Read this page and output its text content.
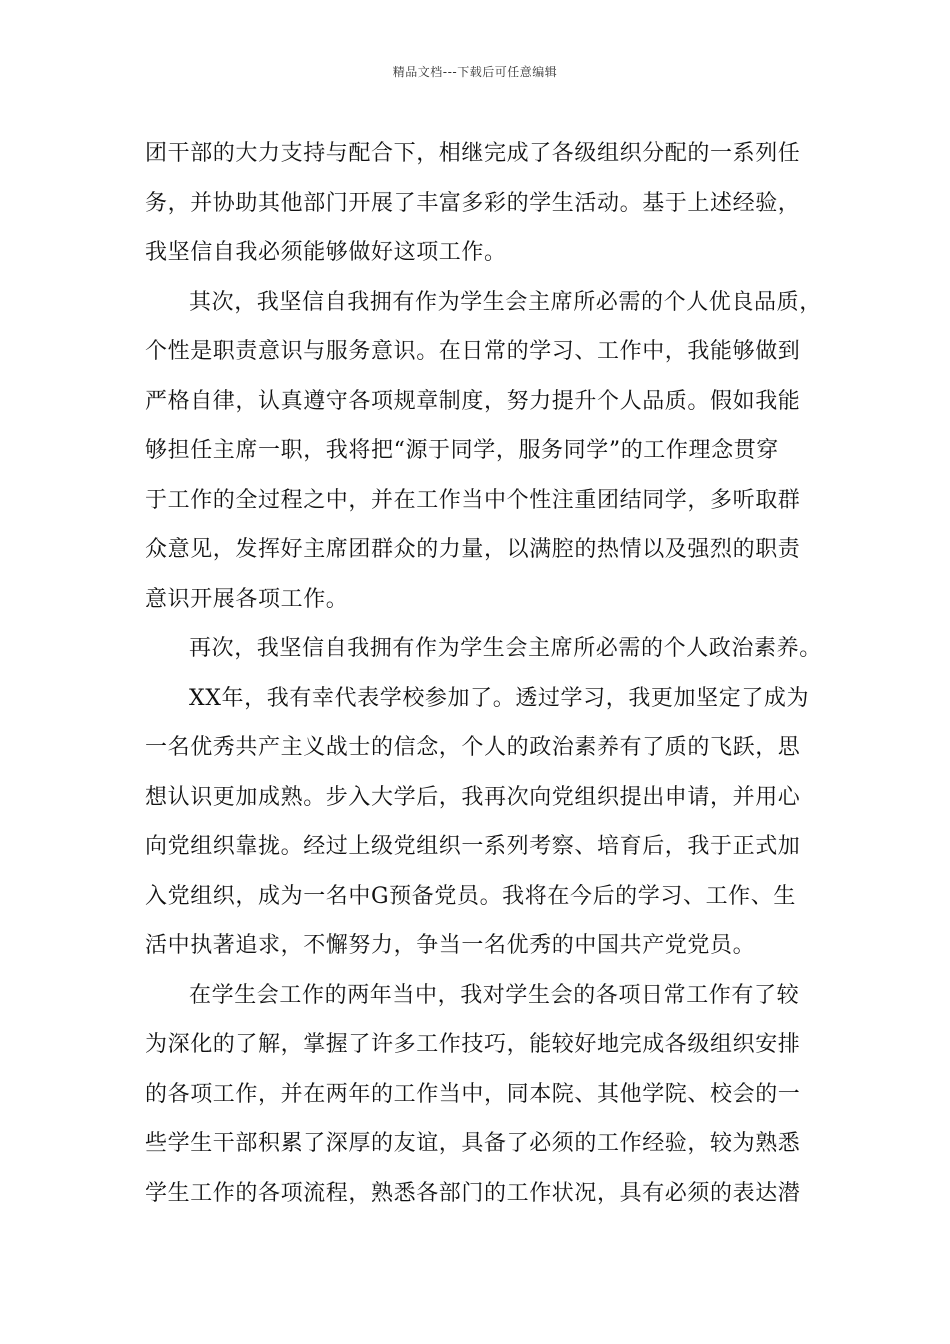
精品文档---下载后可任意编辑
团干部的大力支持与配合下，相继完成了各级组织分配的一系列任
务，并协助其他部门开展了丰富多彩的学生活动。基于上述经验，
我坚信自我必须能够做好这项工作。
其次，我坚信自我拥有作为学生会主席所必需的个人优良品质，
个性是职责意识与服务意识。在日常的学习、工作中，我能够做到
严格自律，认真遵守各项规章制度，努力提升个人品质。假如我能
够担任主席一职，我将把“源于同学，服务同学”的工作理念贯穿
于工作的全过程之中，并在工作当中个性注重团结同学，多听取群
众意见，发挥好主席团群众的力量，以满腔的热情以及强烈的职责
意识开展各项工作。
再次，我坚信自我拥有作为学生会主席所必需的个人政治素养。
XX年，我有幸代表学校参加了。透过学习，我更加坚定了成为
一名优秀共产主义战士的信念，个人的政治素养有了质的飞跃，思
想认识更加成熟。步入大学后，我再次向党组织提出申请，并用心
向党组织靠拢。经过上级党组织一系列考察、培育后，我于正式加
入党组织，成为一名中G预备党员。我将在今后的学习、工作、生
活中执著追求，不懈努力，争当一名优秀的中国共产党党员。
在学生会工作的两年当中，我对学生会的各项日常工作有了较
为深化的了解，掌握了许多工作技巧，能较好地完成各级组织安排
的各项工作，并在两年的工作当中，同本院、其他学院、校会的一
些学生干部积累了深厚的友谊，具备了必须的工作经验，较为熟悉
学生工作的各项流程，熟悉各部门的工作状况，具有必须的表达潜
